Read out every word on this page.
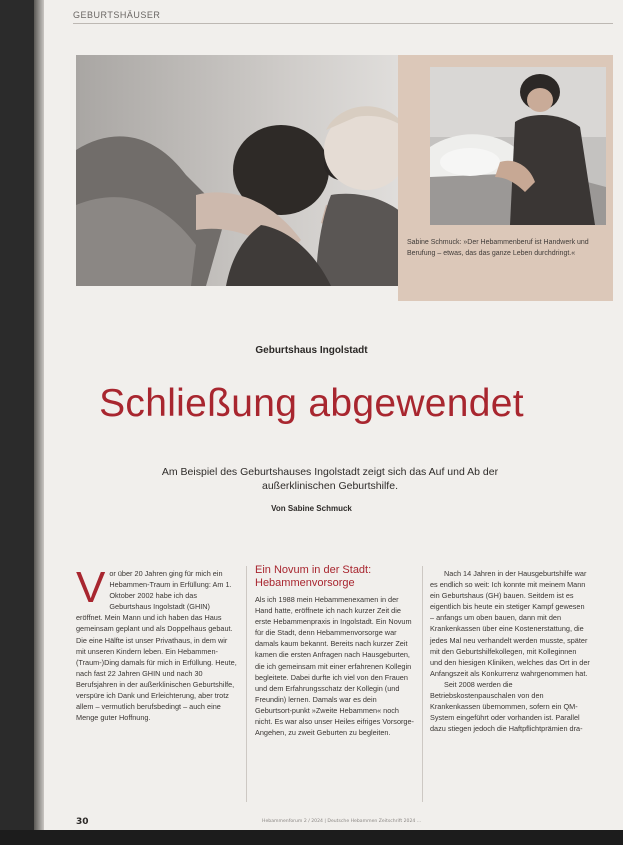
GEBURTSHÄUSER
Sabine Schmuck: »Der Hebammenberuf ist Handwerk und Berufung – etwas, das das ganze Leben durchdringt.«
Geburtshaus Ingolstadt
Schließung abgewendet
Am Beispiel des Geburtshauses Ingolstadt zeigt sich das Auf und Ab der außerklinischen Geburtshilfe.
Von Sabine Schmuck
V or über 20 Jahren ging für mich ein Hebammen-Traum in Erfüllung: Am 1. Oktober 2002 habe ich das Geburtshaus Ingolstadt (GHIN) eröffnet. Mein Mann und ich haben das Haus gemeinsam geplant und als Doppelhaus gebaut. Die eine Hälfte ist unser Privathaus, in dem wir mit unseren Kindern leben. Ein Hebammen-(Traum-)Ding damals für mich in Erfüllung. Heute, nach fast 22 Jahren GHIN und nach 30 Berufsjahren in der außerklinischen Geburtshilfe, verspüre ich Dank und Erleichterung, aber trotz allem – vermutlich berufsbedingt – auch eine Menge guter Hoffnung.

Ein Novum in der Stadt: Hebammenvorsorge

Als ich 1988 mein Hebammenexamen in der Hand hatte, eröffnete ich nach kurzer Zeit die erste Hebammenpraxis in Ingolstadt. Ein Novum für die Stadt, denn Hebammenvorsorge war damals kaum bekannt. Bereits nach kurzer Zeit kamen die ersten Anfragen nach Hausgeburten, die ich gemeinsam mit einer erfahrenen Kollegin begleitete. Dabei durfte ich viel von den Frauen und dem Erfahrungsschatz der Kollegin (und Freundin) lernen. Damals war es dein Geburtsort-punkt »Zweite Hebammen« noch nicht. Es war also unser Heiles eifriges Vorsorge-Angehen, zu zweit Geburten zu begleiten.

Nach 14 Jahren in der Hausgeburtshilfe war es endlich so weit: Ich konnte mit meinem Mann ein Geburtshaus (GH) bauen. Seitdem ist es eigentlich bis heute ein stetiger Kampf gewesen – anfangs um oben bauen, dann mit den Krankenkassen über eine Kostenerstattung, die jedes Mal neu verhandelt werden musste, später mit den Geburtshilfekollegen, mit Kolleginnen und den hiesigen Kliniken, welches das Ort in der Anfangszeit als Konkurrenz wahrgenommen hat.

Seit 2008 werden die Betriebskostenpauschalen von den Krankenkassen übernommen, sofern ein QM-System eingeführt oder vorhanden ist. Parallel dazu stiegen jedoch die Haftpflichtprämien dra-

30	Hebammenforum 2 / 2024 | Deutsche Hebammen Zeitschrift 2024 ...
